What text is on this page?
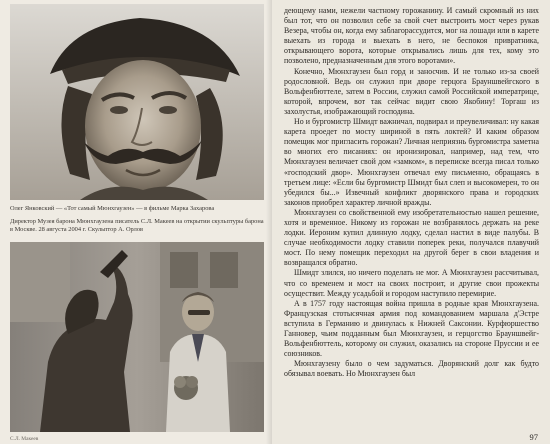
Олег Янковский — «Тот самый Мюнхгаузен» — в фильме Марка Захарова
Директор Музея барона Мюнхгаузена писатель С.Л. Макеев на открытии скульптуры барона в Москве. 28 августа 2004 г. Скульптор А. Орлов
С.Л. Макеев

деющему нами, нежели частному горожанину. И самый скромный из них был тот, что он позволил себе за свой счет выстроить мост через рукав Везера, чтобы он, когда ему заблагорассудится, мог на лошади или в карете выехать из города и выехать в него, не беспокоя привратника, открывающего ворота, которые открывались лишь для тех, кому это позволено, предназначенным для этого воротами».

Конечно, Мюнхгаузен был горд и заносчив. И не только из-за своей родословной. Ведь он служил при дворе герцога Брауншвейгского в Вольфенбюттеле, затем в России, служил самой Российской императрице, которой, впрочем, вот так сейчас видит свою Якобину! Торгаш из захолустья, изображающий господина.

Но и бургомистр Шмидт важничал, подвирал и преувеличивал: ну какая карета проедет по мосту шириной в пять локтей? И каким образом помещик мог пригласить горожан? Личная неприязнь бургомистра заметна во многих его писаниях: он иронизировал, например, над тем, что Мюнхгаузен величает свой дом «замком», в переписке всегда писал только «господский двор». Мюнхгаузен отвечал ему письменно, обращаясь в третьем лице: «Если бы бургомистр Шмидт был слеп и высокомерен, то он убедился бы...» Извечный конфликт дворянского права и городских законов приобрел характер личной вражды.

Мюнхгаузен со свойственной ему изобретательностью нашел решение, хотя и временное. Никому из горожан не возбранялось держать на реке лодки. Иероним купил длинную лодку, сделал настил в виде палубы. В случае необходимости лодку ставили поперек реки, получался плавучий мост. По нему помещик переходил на другой берег в свои владения и возвращался обратно.

Шмидт злился, но ничего поделать не мог. А Мюнхгаузен рассчитывал, что со временем и мост на своих построит, и другие свои прожекты осуществит. Между усадьбой и городом наступило перемирие.

А в 1757 году настоящая война пришла в родные края Мюнхгаузена. Французская стотысячная армия под командованием маршала д'Эстре вступила в Германию и двинулась к Нижней Саксонии. Курфюршество Ганновер, чьим подданным был Мюнхгаузен, и герцогство Брауншвейг-Вольфенбюттель, которому он служил, оказались на стороне Пруссии и ее союзников.

Мюнхгаузену было о чем задуматься. Дворянский долг как будто обязывал воевать. Но Мюнхгаузен был

97
